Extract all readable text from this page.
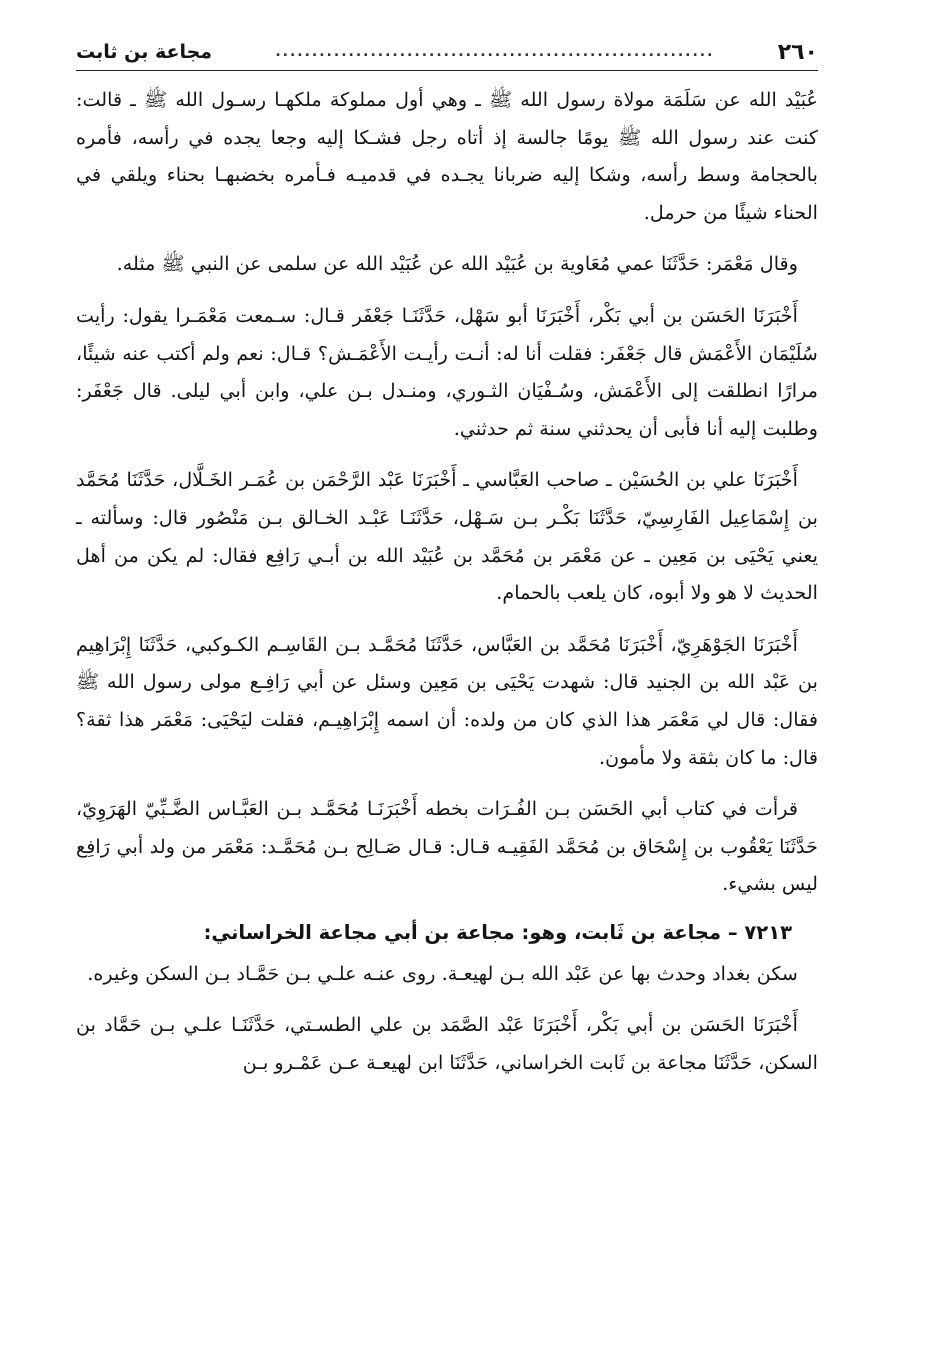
٢٦٠
............................................................
مجاعة بن ثابت

عُبَيْد الله عن سَلَمَة مولاة رسول الله ﷺ ـ وهي أول مملوكة ملكهـا رسـول الله ﷺ ـ قالت: كنت عند رسول الله ﷺ يومًا جالسة إذ أتاه رجل فشـكا إليه وجعا يجده في رأسه، فأمره بالحجامة وسط رأسه، وشكا إليه ضربانا يجـده في قدميـه فـأمره بخضبهـا بحناء ويلقي في الحناء شيئًا من حرمل.

وقال مَعْمَر: حَدَّثَنَا عمي مُعَاوية بن عُبَيْد الله عن عُبَيْد الله عن سلمى عن النبي ﷺ مثله.

أَخْبَرَنَا الحَسَن بن أبي بَكْر، أَخْبَرَنَا أبو سَهْل، حَدَّثَنَـا جَعْفَر قـال: سـمعت مَعْمَـرا يقول: رأيت سُلَيْمَان الأَعْمَش قال جَعْفَر: فقلت أنا له: أنـت رأيـت الأَعْمَـش؟ قـال: نعم ولم أكتب عنه شيئًا، مرارًا انطلقت إلى الأَعْمَش، وسُـفْيَان الثـوري، ومنـدل بـن علي، وابن أبي ليلى. قال جَعْفَر: وطلبت إليه أنا فأبى أن يحدثني سنة ثم حدثني.

أَخْبَرَنَا علي بن الحُسَيْن ـ صاحب العَبَّاسي ـ أَخْبَرَنَا عَبْد الرَّحْمَن بن عُمَـر الخَـلَّال، حَدَّثَنَا مُحَمَّد بن إِسْمَاعِيل الفَارِسِيّ، حَدَّثَنَا بَكْـر بـن سَـهْل، حَدَّثَنَـا عَبْـد الخـالق بـن مَنْصُور قال: وسألته ـ يعني يَحْيَى بن مَعِين ـ عن مَعْمَر بن مُحَمَّد بن عُبَيْد الله بن أبـي رَافِع فقال: لم يكن من أهل الحديث لا هو ولا أبوه، كان يلعب بالحمام.

أَخْبَرَنَا الجَوْهَرِيّ، أَخْبَرَنَا مُحَمَّد بن العَبَّاس، حَدَّثَنَا مُحَمَّـد بـن القَاسِـم الكـوكبي، حَدَّثَنَا إِبْرَاهِيم بن عَبْد الله بن الجنيد قال: شهدت يَحْيَى بن مَعِين وسئل عن أبي رَافِـع مولى رسول الله ﷺ فقال: قال لي مَعْمَر هذا الذي كان من ولده: أن اسمه إِبْرَاهِيـم، فقلت ليَحْيَى: مَعْمَر هذا ثقة؟ قال: ما كان بثقة ولا مأمون.

قرأت في كتاب أبي الحَسَن بـن الفُـرَات بخطه أَخْبَرَنَـا مُحَمَّـد بـن العَبَّـاس الضَّـبِّيّ الهَرَوِيّ، حَدَّثَنَا يَعْقُوب بن إِسْحَاق بن مُحَمَّد الفَقِيـه قـال: قـال صَـالِح بـن مُحَمَّـد: مَعْمَر من ولد أبي رَافِع ليس بشيء.

٧٢١٣ – مجاعة بن ثَابت، وهو: مجاعة بن أبي مجاعة الخراساني:

سكن بغداد وحدث بها عن عَبْد الله بـن لهيعـة. روى عنـه علـي بـن حَمَّـاد بـن السكن وغيره.

أَخْبَرَنَا الحَسَن بن أبي بَكْر، أَخْبَرَنَا عَبْد الصَّمَد بن علي الطسـتي، حَدَّثَنَـا علـي بـن حَمَّاد بن السكن، حَدَّثَنَا مجاعة بن ثَابت الخراساني، حَدَّثَنَا ابن لهيعـة عـن عَمْـرو بـن
